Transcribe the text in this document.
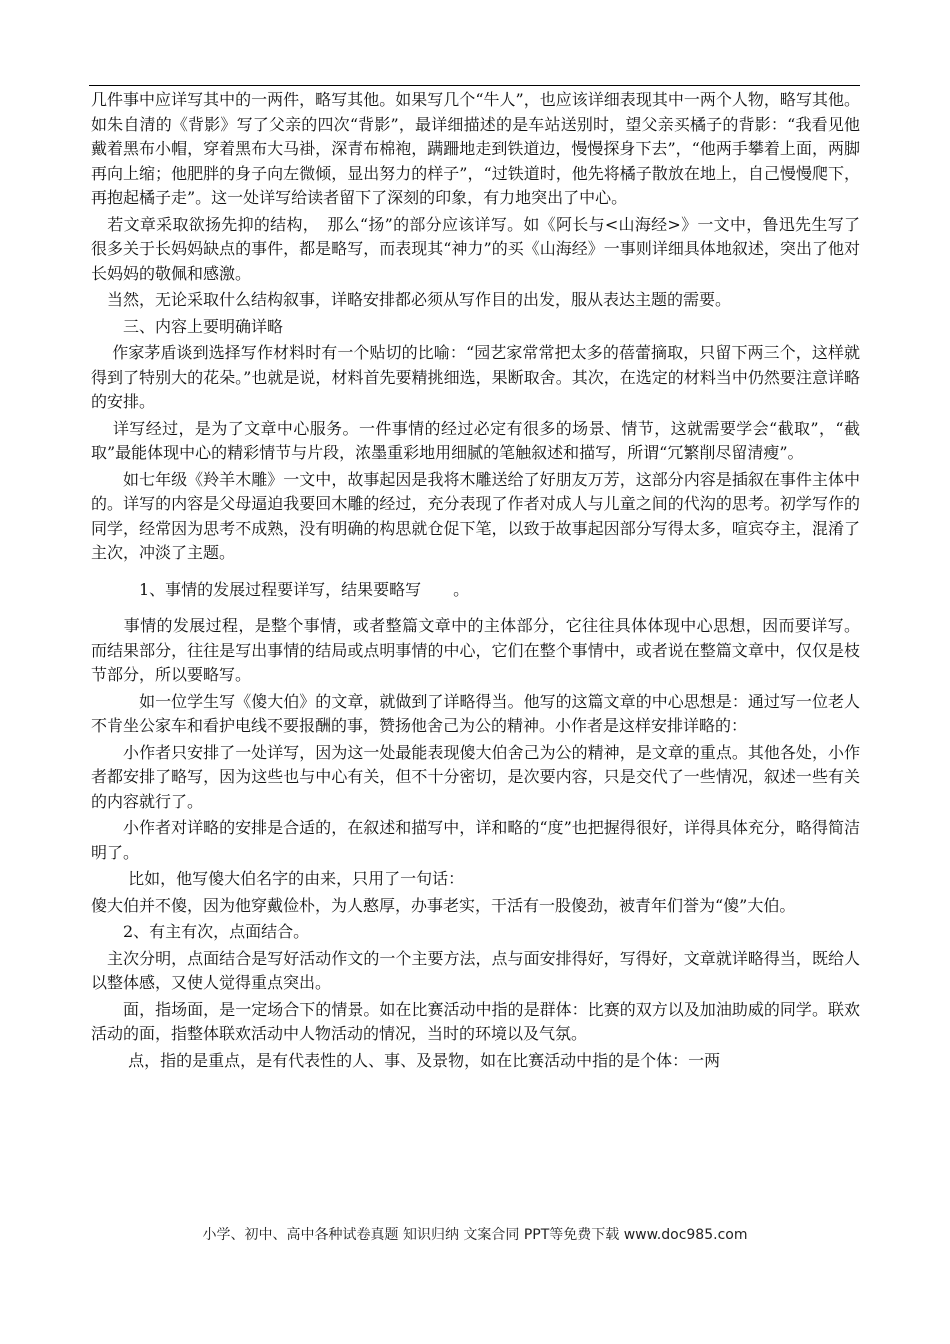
几件事中应详写其中的一两件，略写其他。如果写几个“牛人”，也应该详细表现其中一两个人物，略写其他。 如朱自清的《背影》写了父亲的四次“背影”，最详细描述的是车站送别时，望父亲买橘子的背影：“我看见他戴着黑布小帽，穿着黑布大马褂，深青布棉袍，蹒跚地走到铁道边，慢慢探身下去”，“他两手攀着上面，两脚再向上缩；他肥胖的身子向左微倾，显出努力的样子”，“过铁道时，他先将橘子散放在地上，自己慢慢爬下，再抱起橘子走”。这一处详写给读者留下了深刻的印象，有力地突出了中心。

　若文章采取欲扬先抑的结构，　那么“扬”的部分应该详写。如《阿长与<山海经>》一文中，鲁迅先生写了很多关于长妈妈缺点的事件，都是略写，而表现其“神力”的买《山海经》一事则详细具体地叙述，突出了他对长妈妈的敬佩和感激。

　当然，无论采取什么结构叙事，详略安排都必须从写作目的出发，服从表达主题的需要。

　　三、内容上要明确详略

　 作家茅盾谈到选择写作材料时有一个贴切的比喻：“园艺家常常把太多的蓓蕾摘取，只留下两三个，这样就得到了特别大的花朵。”也就是说，材料首先要精挑细选，果断取舍。其次，在选定的材料当中仍然要注意详略的安排。

　 详写经过，是为了文章中心服务。一件事情的经过必定有很多的场景、情节，这就需要学会“截取”，“截取”最能体现中心的精彩情节与片段，浓墨重彩地用细腻的笔触叙述和描写，所谓“冗繁削尽留清瘦”。

　　如七年级《羚羊木雕》一文中，故事起因是我将木雕送给了好朋友万芳，这部分内容是插叙在事件主体中的。详写的内容是父母逼迫我要回木雕的经过，充分表现了作者对成人与儿童之间的代沟的思考。初学写作的同学，经常因为思考不成熟，没有明确的构思就仓促下笔，以致于故事起因部分写得太多，喧宾夺主，混淆了主次，冲淡了主题。

　　　1、事情的发展过程要详写，结果要略写　　。

　　事情的发展过程，是整个事情，或者整篇文章中的主体部分，它往往具体体现中心思想，因而要详写。 而结果部分，往往是写出事情的结局或点明事情的中心，它们在整个事情中，或者说在整篇文章中，仅仅是枝节部分，所以要略写。

　　　如一位学生写《傻大伯》的文章，就做到了详略得当。他写的这篇文章的中心思想是：通过写一位老人不肯坐公家车和看护电线不要报酬的事，赞扬他舍己为公的精神。小作者是这样安排详略的：

　　小作者只安排了一处详写，因为这一处最能表现傻大伯舍己为公的精神，是文章的重点。其他各处，小作者都安排了略写，因为这些也与中心有关，但不十分密切，是次要内容，只是交代了一些情况，叙述一些有关的内容就行了。

　　小作者对详略的安排是合适的，在叙述和描写中，详和略的“度”也把握得很好，详得具体充分，略得简洁明了。

　　 比如，他写傻大伯名字的由来，只用了一句话：

傻大伯并不傻，因为他穿戴俭朴，为人憨厚，办事老实，干活有一股傻劲，被青年们誉为“傻”大伯。

　　2、有主有次，点面结合。

　主次分明，点面结合是写好活动作文的一个主要方法，点与面安排得好，写得好，文章就详略得当，既给人以整体感，又使人觉得重点突出。

　　面，指场面，是一定场合下的情景。如在比赛活动中指的是群体：比赛的双方以及加油助威的同学。联欢活动的面，指整体联欢活动中人物活动的情况，当时的环境以及气氛。

　　 点，指的是重点，是有代表性的人、事、及景物，如在比赛活动中指的是个体：一两

小学、初中、高中各种试卷真题 知识归纳 文案合同 PPT等免费下载 www.doc985.com
